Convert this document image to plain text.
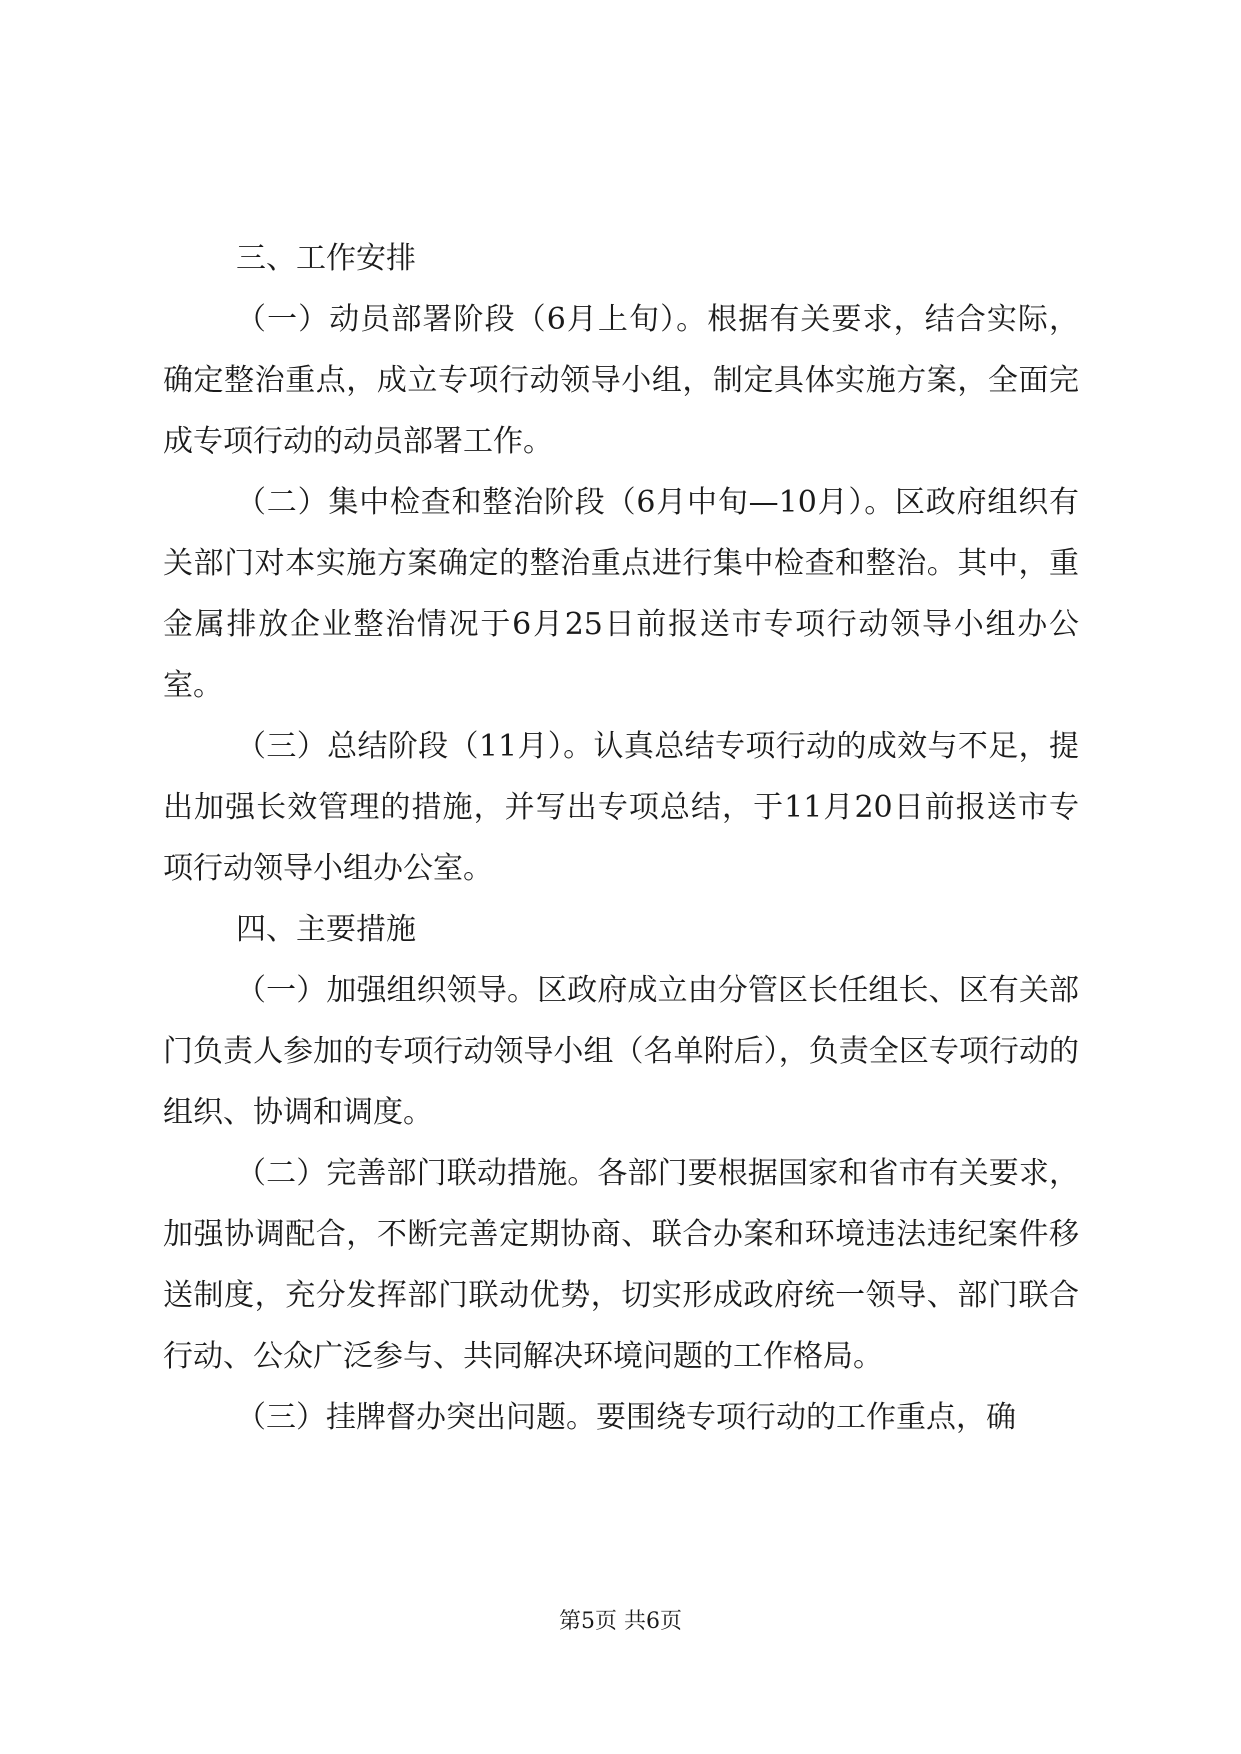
三、工作安排

（一）动员部署阶段（6月上旬）。根据有关要求，结合实际，确定整治重点，成立专项行动领导小组，制定具体实施方案，全面完成专项行动的动员部署工作。

（二）集中检查和整治阶段（6月中旬—10月）。区政府组织有关部门对本实施方案确定的整治重点进行集中检查和整治。其中，重金属排放企业整治情况于6月25日前报送市专项行动领导小组办公室。

（三）总结阶段（11月）。认真总结专项行动的成效与不足，提出加强长效管理的措施，并写出专项总结，于11月20日前报送市专项行动领导小组办公室。

四、主要措施

（一）加强组织领导。区政府成立由分管区长任组长、区有关部门负责人参加的专项行动领导小组（名单附后），负责全区专项行动的组织、协调和调度。

（二）完善部门联动措施。各部门要根据国家和省市有关要求，加强协调配合，不断完善定期协商、联合办案和环境违法违纪案件移送制度，充分发挥部门联动优势，切实形成政府统一领导、部门联合行动、公众广泛参与、共同解决环境问题的工作格局。

（三）挂牌督办突出问题。要围绕专项行动的工作重点，确

第5页 共6页
